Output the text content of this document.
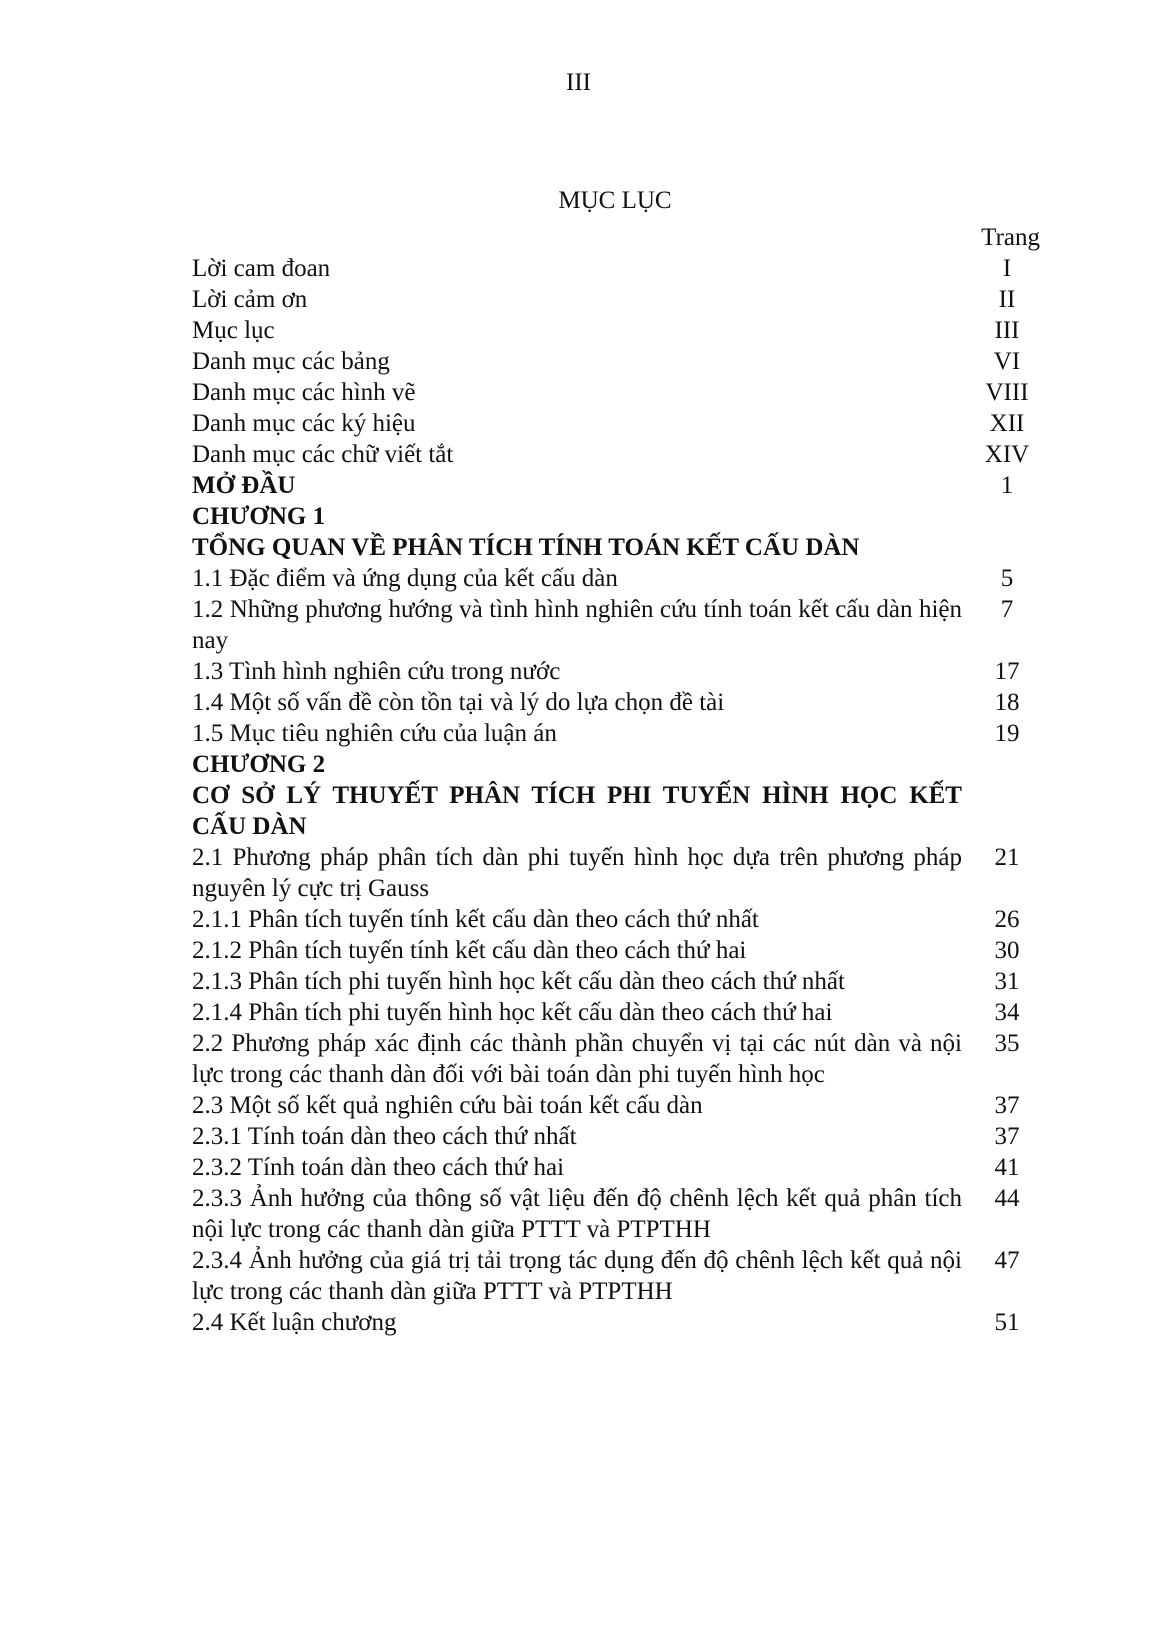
III
MỤC LỤC
Trang
Lời cam đoan	I
Lời cảm ơn	II
Mục lục	III
Danh mục các bảng	VI
Danh mục các hình vẽ	VIII
Danh mục các ký hiệu	XII
Danh mục các chữ viết tắt	XIV
MỞ ĐẦU	1
CHƯƠNG 1
TỔNG QUAN VỀ PHÂN TÍCH TÍNH TOÁN KẾT CẤU DÀN
1.1 Đặc điểm và ứng dụng của kết cấu dàn	5
1.2 Những phương hướng và tình hình nghiên cứu tính toán kết cấu dàn hiện nay
7
1.3 Tình hình nghiên cứu trong nước	17
1.4 Một số vấn đề còn tồn tại và lý do lựa chọn đề tài	18
1.5 Mục tiêu nghiên cứu của luận án	19
CHƯƠNG 2
CƠ SỞ LÝ THUYẾT PHÂN TÍCH PHI TUYẾN HÌNH HỌC KẾT CẤU DÀN
2.1 Phương pháp phân tích dàn phi tuyến hình học dựa trên phương pháp nguyên lý cực trị Gauss
21
2.1.1 Phân tích tuyến tính kết cấu dàn theo cách thứ nhất	26
2.1.2 Phân tích tuyến tính kết cấu dàn theo cách thứ hai	30
2.1.3 Phân tích phi tuyến hình học kết cấu dàn theo cách thứ nhất	31
2.1.4 Phân tích phi tuyến hình học kết cấu dàn theo cách thứ hai	34
2.2 Phương pháp xác định các thành phần chuyển vị tại các nút dàn và nội lực trong các thanh dàn đối với bài toán dàn phi tuyến hình học
35
2.3 Một số kết quả nghiên cứu bài toán kết cấu dàn	37
2.3.1 Tính toán dàn theo cách thứ nhất	37
2.3.2 Tính toán dàn theo cách thứ hai	41
2.3.3 Ảnh hưởng của thông số vật liệu đến độ chênh lệch kết quả phân tích nội lực trong các thanh dàn giữa PTTT và PTPTHH
44
2.3.4 Ảnh hưởng của giá trị tải trọng tác dụng đến độ chênh lệch kết quả nội lực trong các thanh dàn giữa PTTT và PTPTHH
47
2.4 Kết luận chương	51
